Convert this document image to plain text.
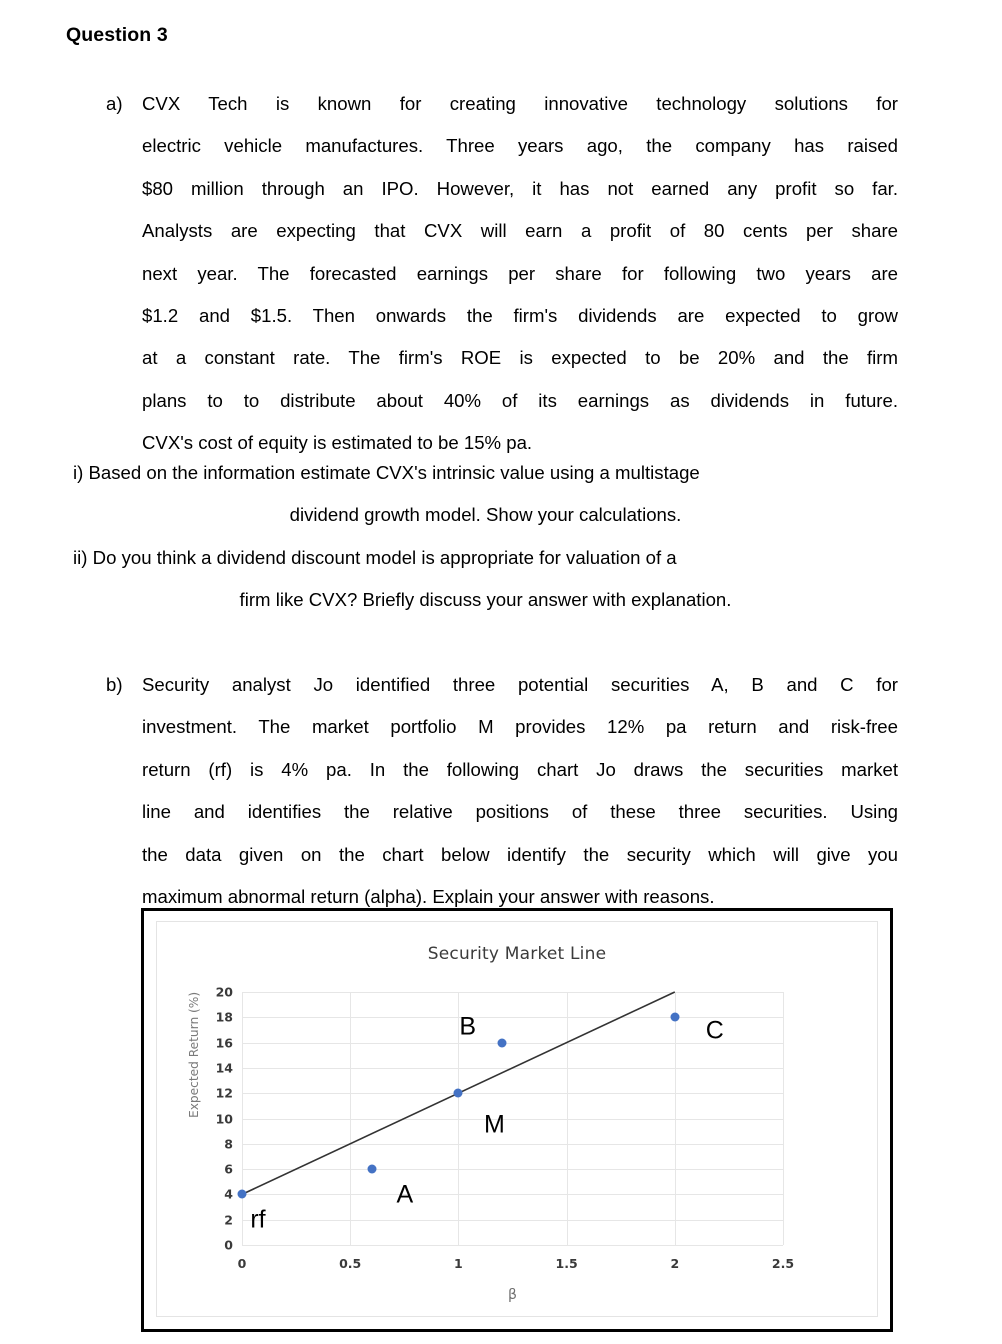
Question 3
a) CVX Tech is known for creating innovative technology solutions for
electric vehicle manufactures. Three years ago, the company has raised
$80 million through an IPO. However, it has not earned any profit so far.
Analysts are expecting that CVX will earn a profit of 80 cents per share
next year. The forecasted earnings per share for following two years are
$1.2 and $1.5. Then onwards the firm's dividends are expected to grow
at a constant rate. The firm's ROE is expected to be 20% and the firm
plans to to distribute about 40% of its earnings as dividends in future.
CVX's cost of equity is estimated to be 15% pa.
i) Based on the information estimate CVX's intrinsic value using a multistage
dividend growth model. Show your calculations.
ii) Do you think a dividend discount model is appropriate for valuation of a
firm like CVX? Briefly discuss your answer with explanation.
b) Security analyst Jo identified three potential securities A, B and C for
investment. The market portfolio M provides 12% pa return and risk-free
return (rf) is 4% pa. In the following chart Jo draws the securities market
line and identifies the relative positions of these three securities. Using
the data given on the chart below identify the security which will give you
maximum abnormal return (alpha). Explain your answer with reasons.
Security Market Line
Expected Return (%)
β
0
2
4
6
8
10
12
14
16
18
20
0	0.5	1	1.5	2	2.5
rf
A
M
B	C
